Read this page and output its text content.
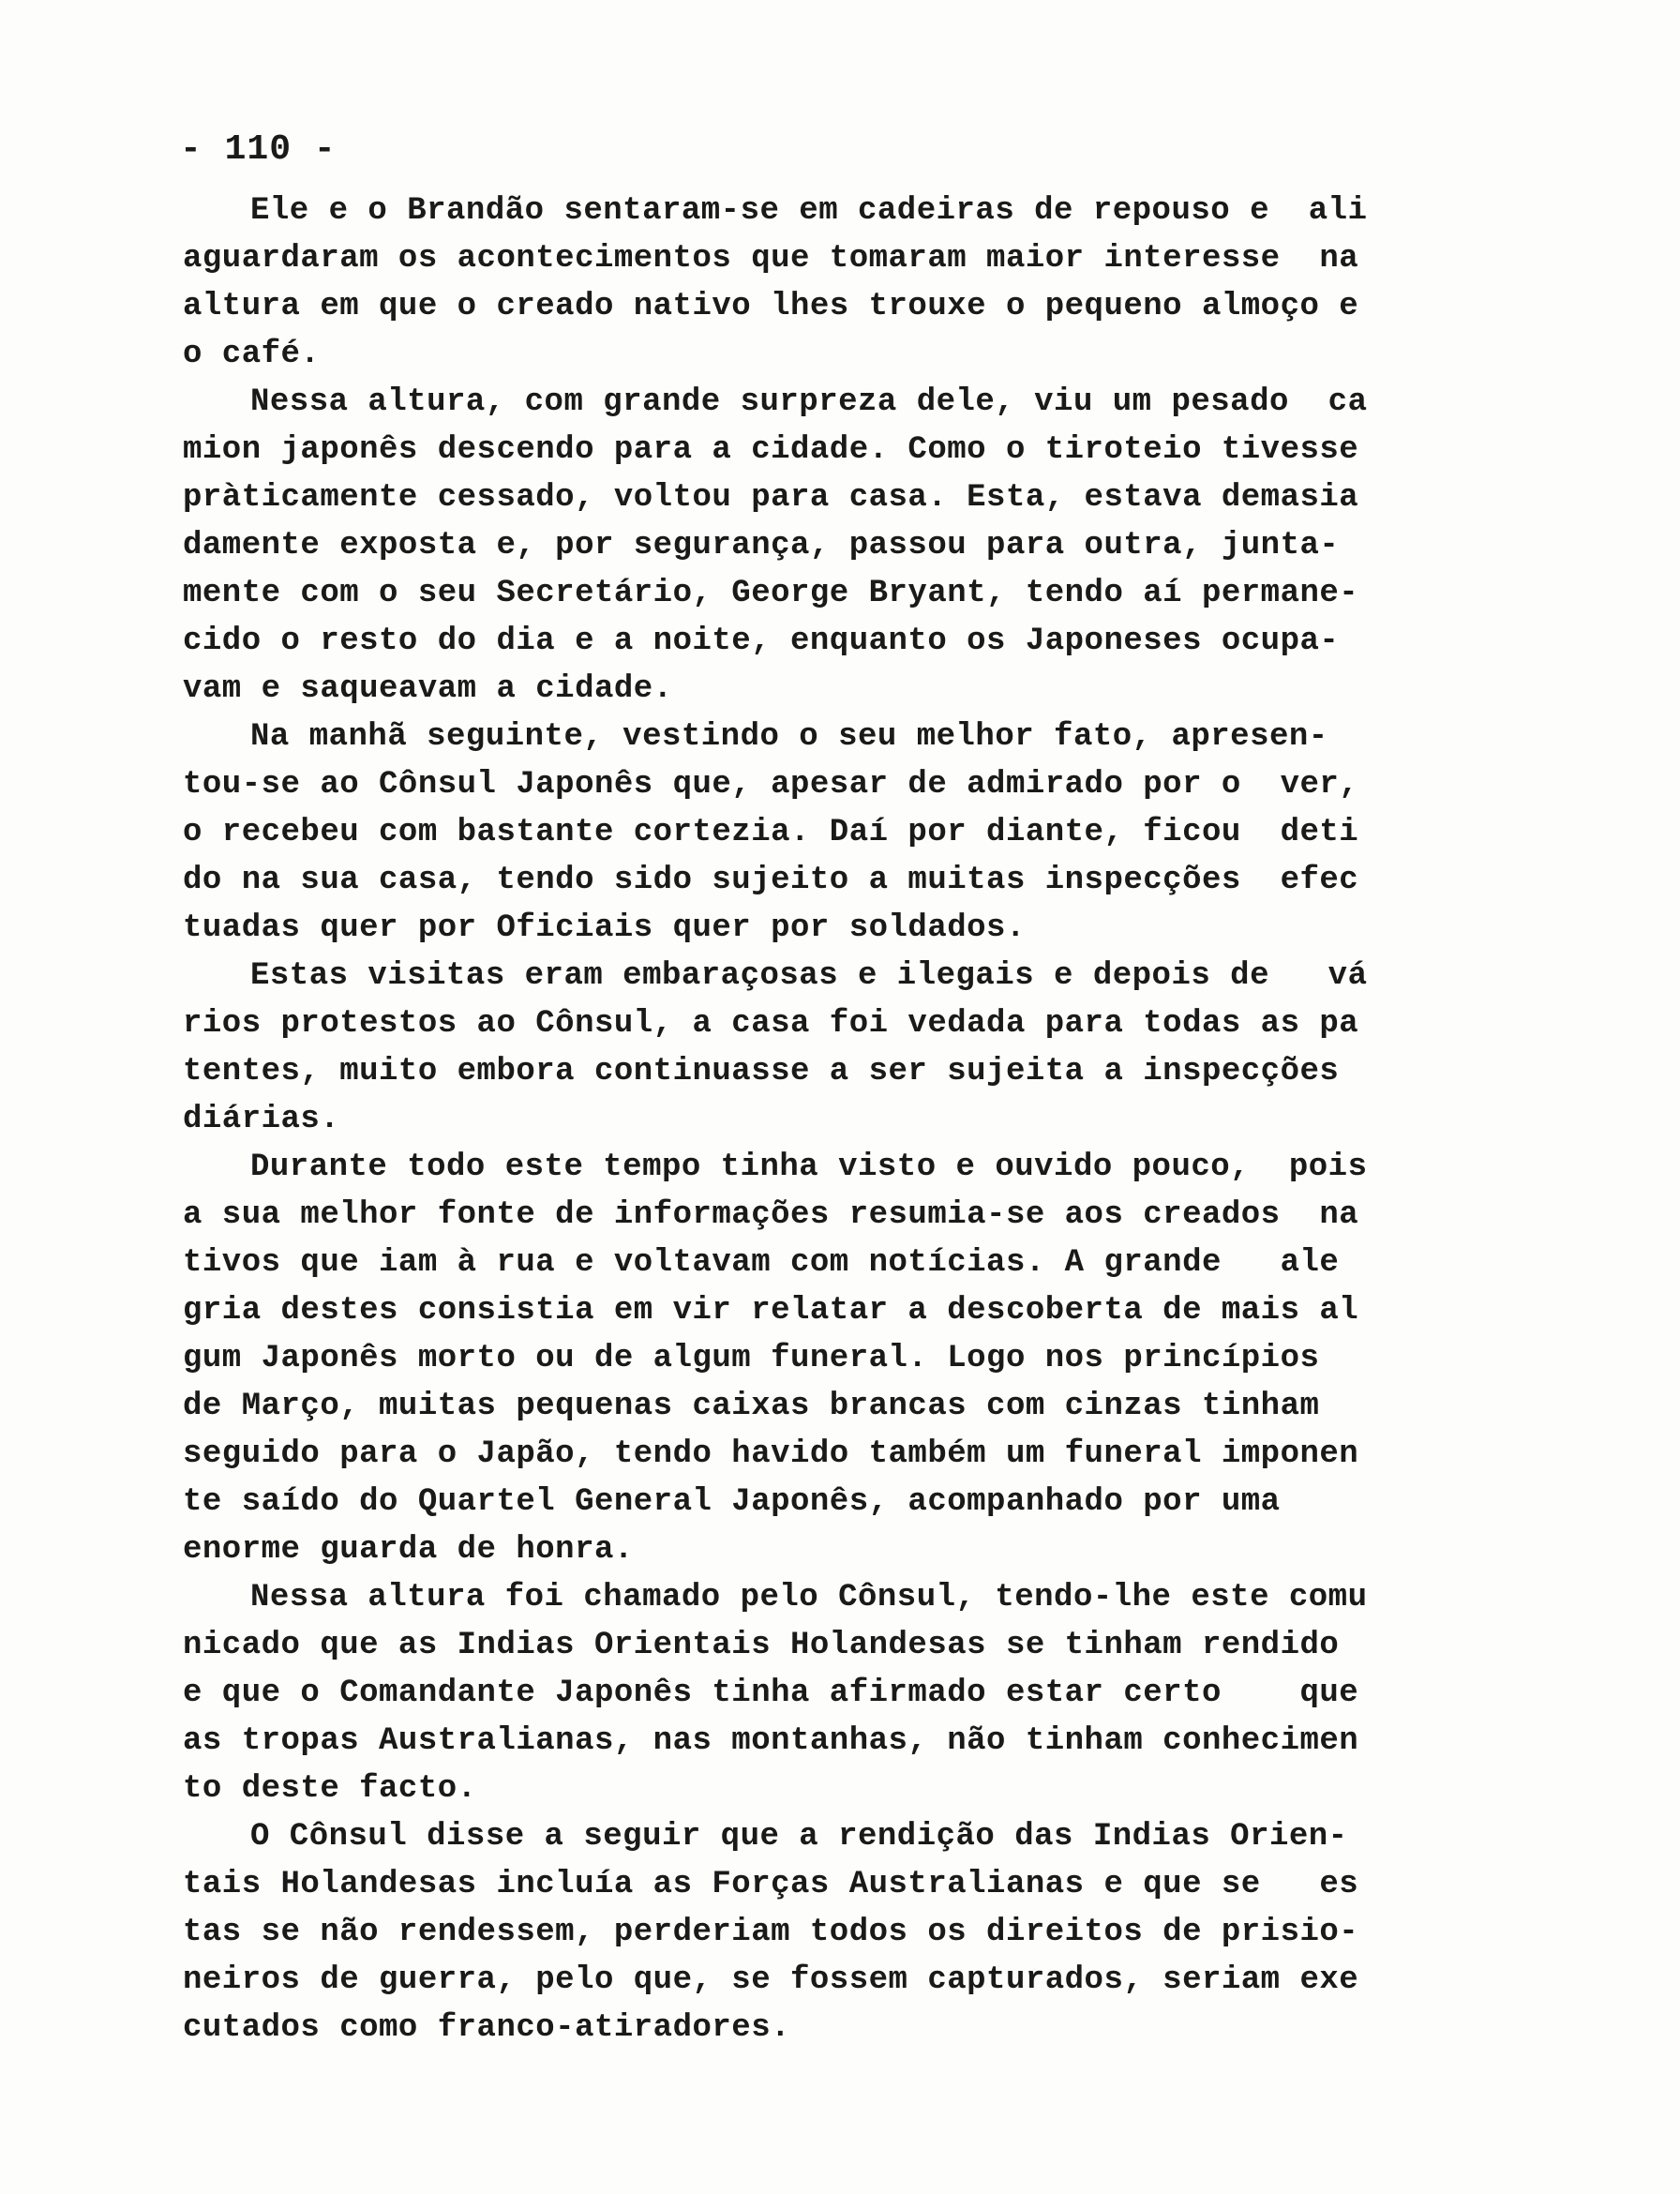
- 110 -
Ele e o Brandão sentaram-se em cadeiras de repouso e  ali
aguardaram os acontecimentos que tomaram maior interesse  na
altura em que o creado nativo lhes trouxe o pequeno almoço e
o café.
Nessa altura, com grande surpreza dele, viu um pesado  ca
mion japonês descendo para a cidade. Como o tiroteio tivesse
pràticamente cessado, voltou para casa. Esta, estava demasia
damente exposta e, por segurança, passou para outra, junta-
mente com o seu Secretário, George Bryant, tendo aí permane-
cido o resto do dia e a noite, enquanto os Japoneses ocupa-
vam e saqueavam a cidade.
Na manhã seguinte, vestindo o seu melhor fato, apresen-
tou-se ao Cônsul Japonês que, apesar de admirado por o  ver,
o recebeu com bastante cortezia. Daí por diante, ficou  deti
do na sua casa, tendo sido sujeito a muitas inspecções  efec
tuadas quer por Oficiais quer por soldados.
Estas visitas eram embaraçosas e ilegais e depois de   vá
rios protestos ao Cônsul, a casa foi vedada para todas as pa
tentes, muito embora continuasse a ser sujeita a inspecções
diárias.
Durante todo este tempo tinha visto e ouvido pouco,  pois
a sua melhor fonte de informações resumia-se aos creados  na
tivos que iam à rua e voltavam com notícias. A grande   ale
gria destes consistia em vir relatar a descoberta de mais al
gum Japonês morto ou de algum funeral. Logo nos princípios
de Março, muitas pequenas caixas brancas com cinzas tinham
seguido para o Japão, tendo havido também um funeral imponen
te saído do Quartel General Japonês, acompanhado por uma
enorme guarda de honra.
Nessa altura foi chamado pelo Cônsul, tendo-lhe este comu
nicado que as Indias Orientais Holandesas se tinham rendido
e que o Comandante Japonês tinha afirmado estar certo    que
as tropas Australianas, nas montanhas, não tinham conhecimen
to deste facto.
O Cônsul disse a seguir que a rendição das Indias Orien-
tais Holandesas incluía as Forças Australianas e que se   es
tas se não rendessem, perderiam todos os direitos de prisio-
neiros de guerra, pelo que, se fossem capturados, seriam exe
cutados como franco-atiradores.
